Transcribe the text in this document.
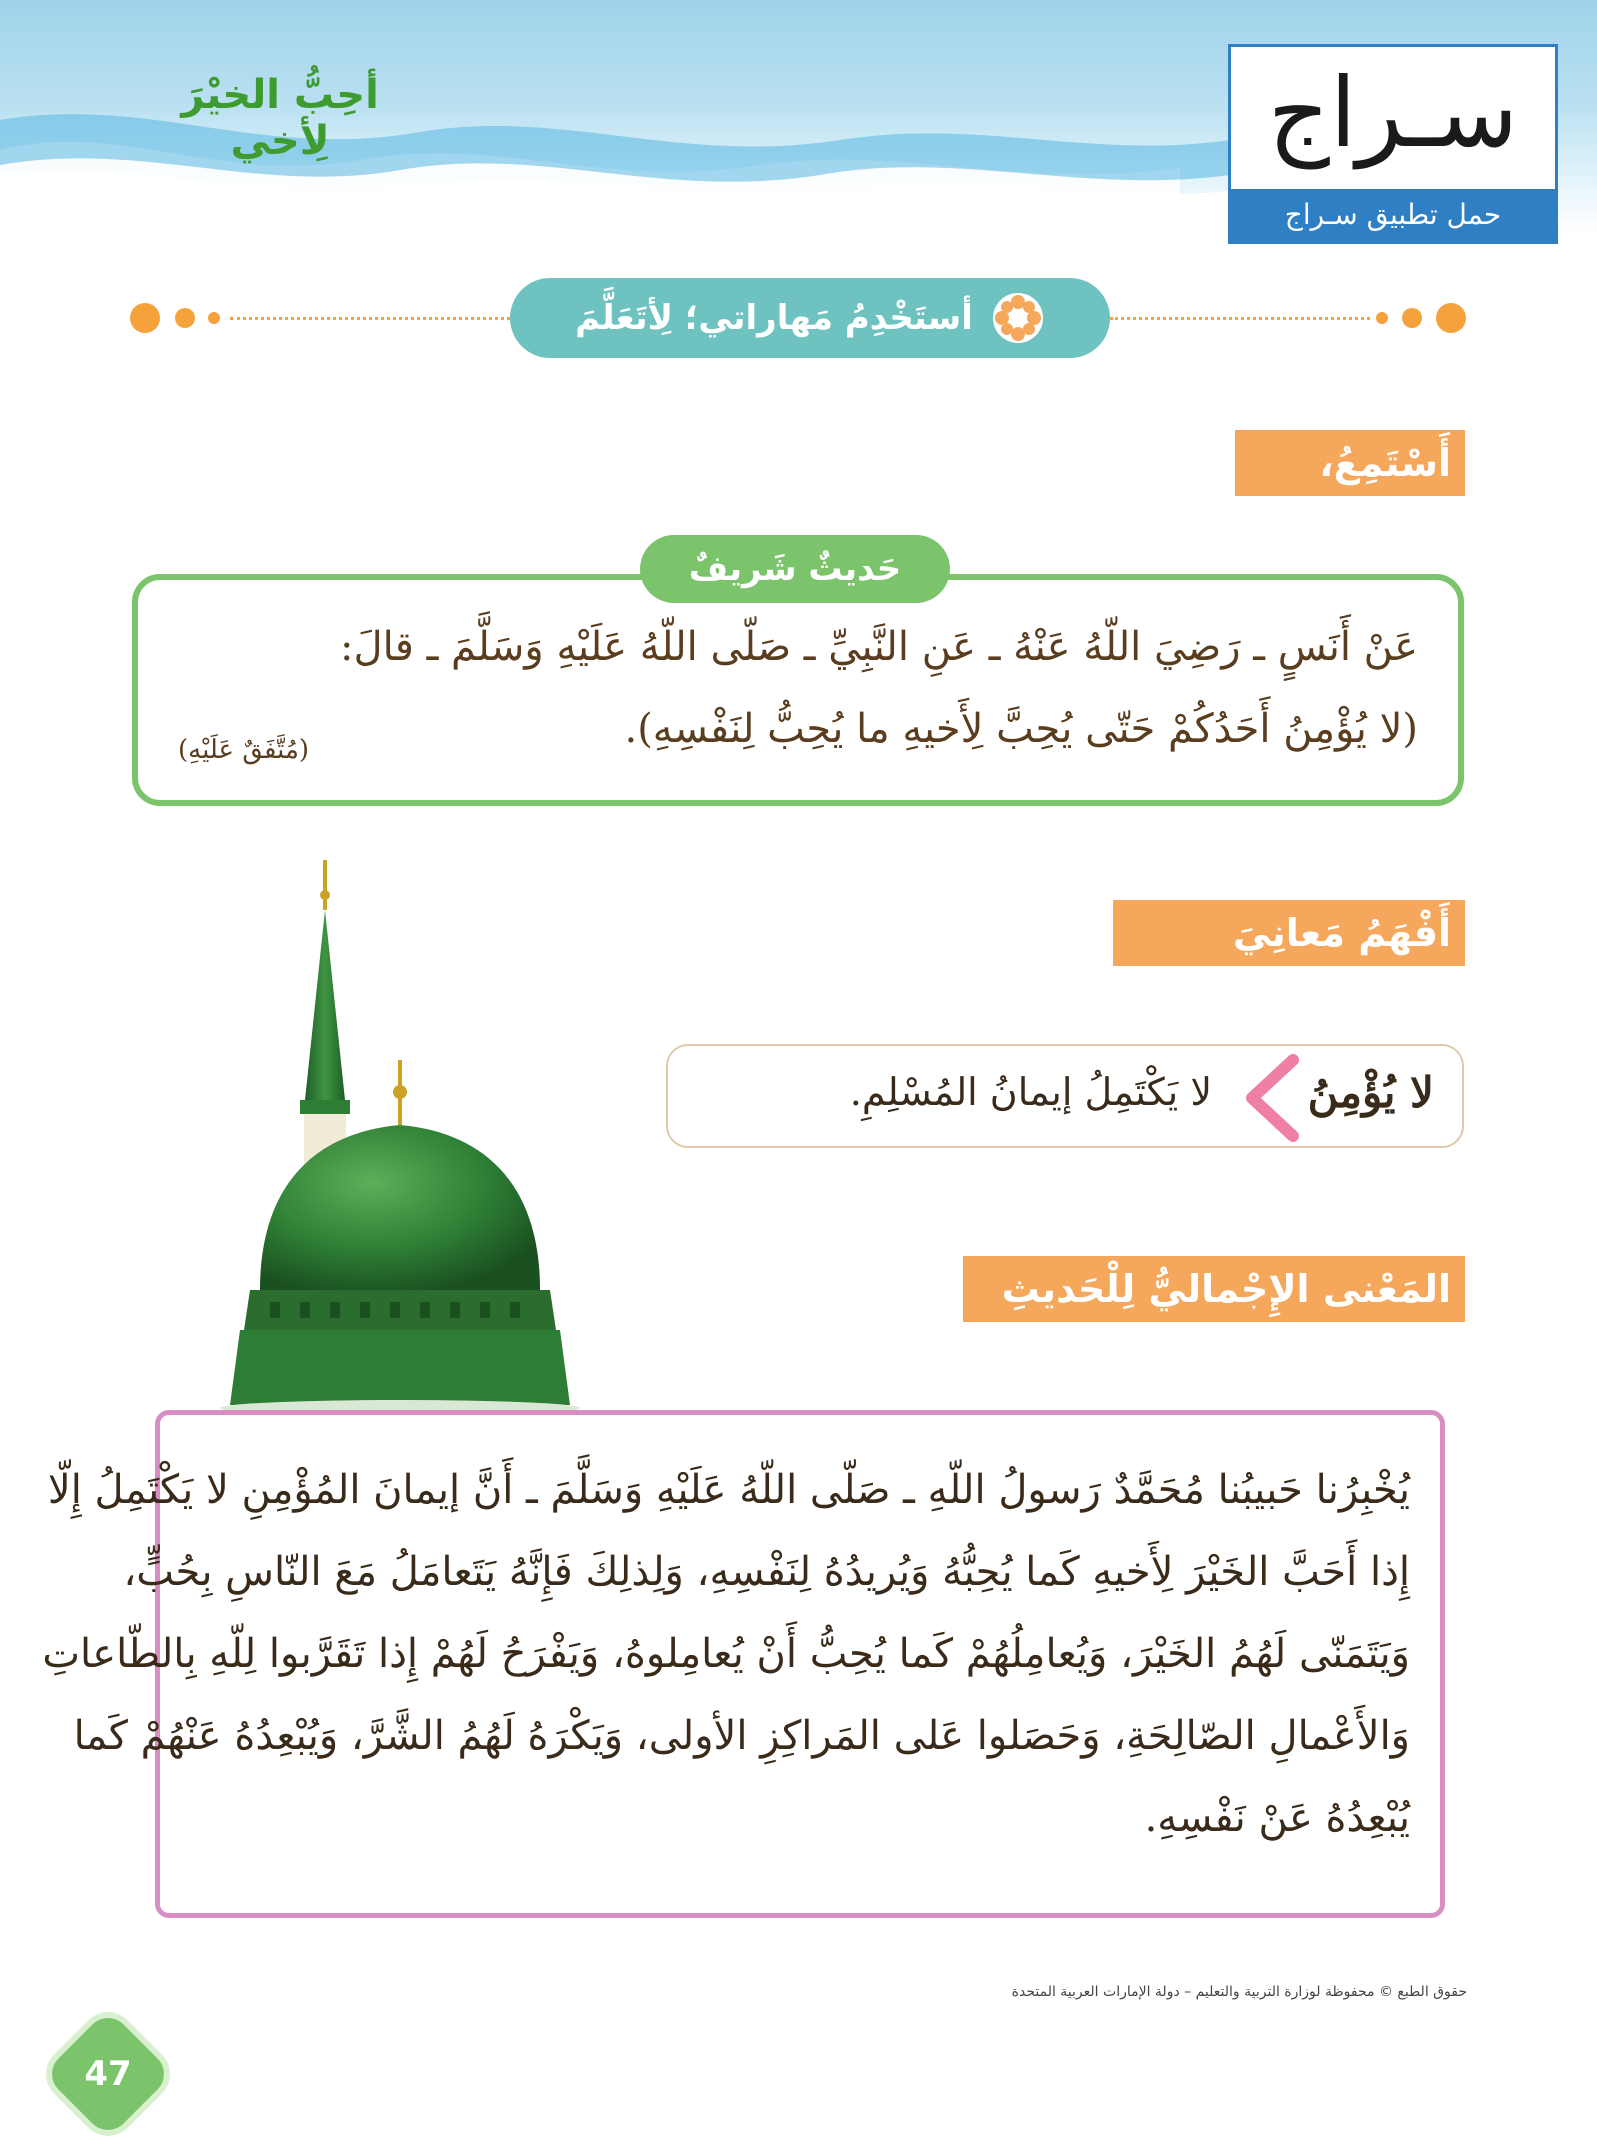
أحِبُّ الخيْرَ لِأخي	سـراج
حمل تطبيق سـراج
أستَخْدِمُ مَهاراتي؛ لِأتَعَلَّمَ
أَسْتَمِعُ، وَأَحْفَظُ:
عَنْ أَنَسٍ ـ رَضِيَ اللّهُ عَنْهُ ـ عَنِ النَّبِيِّ ـ صَلّى اللّهُ عَلَيْهِ وَسَلَّمَ ـ قالَ:
(لا يُؤْمِنُ أَحَدُكُمْ حَتّى يُحِبَّ لِأَخيهِ ما يُحِبُّ لِنَفْسِهِ).
(مُتَّفَقٌ عَلَيْهِ)
حَديثٌ شَريفٌ
أَفْهَمُ مَعانِيَ المُفْرَداتِ:
لا يُؤْمِنُ
لا يَكْتَمِلُ إيمانُ المُسْلِمِ.
المَعْنى الإِجْماليُّ لِلْحَديثِ الشَّريفِ:
يُخْبِرُنا حَبيبُنا مُحَمَّدٌ رَسولُ اللّهِ ـ صَلّى اللّهُ عَلَيْهِ وَسَلَّمَ ـ أَنَّ إيمانَ المُؤْمِنِ لا يَكْتَمِلُ إِلّا
إِذا أَحَبَّ الخَيْرَ لِأَخيهِ كَما يُحِبُّهُ وَيُريدُهُ لِنَفْسِهِ، وَلِذلِكَ فَإِنَّهُ يَتَعامَلُ مَعَ النّاسِ بِحُبٍّ،
وَيَتَمَنّى لَهُمُ الخَيْرَ، وَيُعامِلُهُمْ كَما يُحِبُّ أَنْ يُعامِلوهُ، وَيَفْرَحُ لَهُمْ إِذا تَقَرَّبوا لِلّهِ بِالطّاعاتِ
وَالأَعْمالِ الصّالِحَةِ، وَحَصَلوا عَلى المَراكِزِ الأولى، وَيَكْرَهُ لَهُمُ الشَّرَّ، وَيُبْعِدُهُ عَنْهُمْ كَما
يُبْعِدُهُ عَنْ نَفْسِهِ.
حقوق الطبع © محفوظة لوزارة التربية والتعليم – دولة الإمارات العربية المتحدة
47
